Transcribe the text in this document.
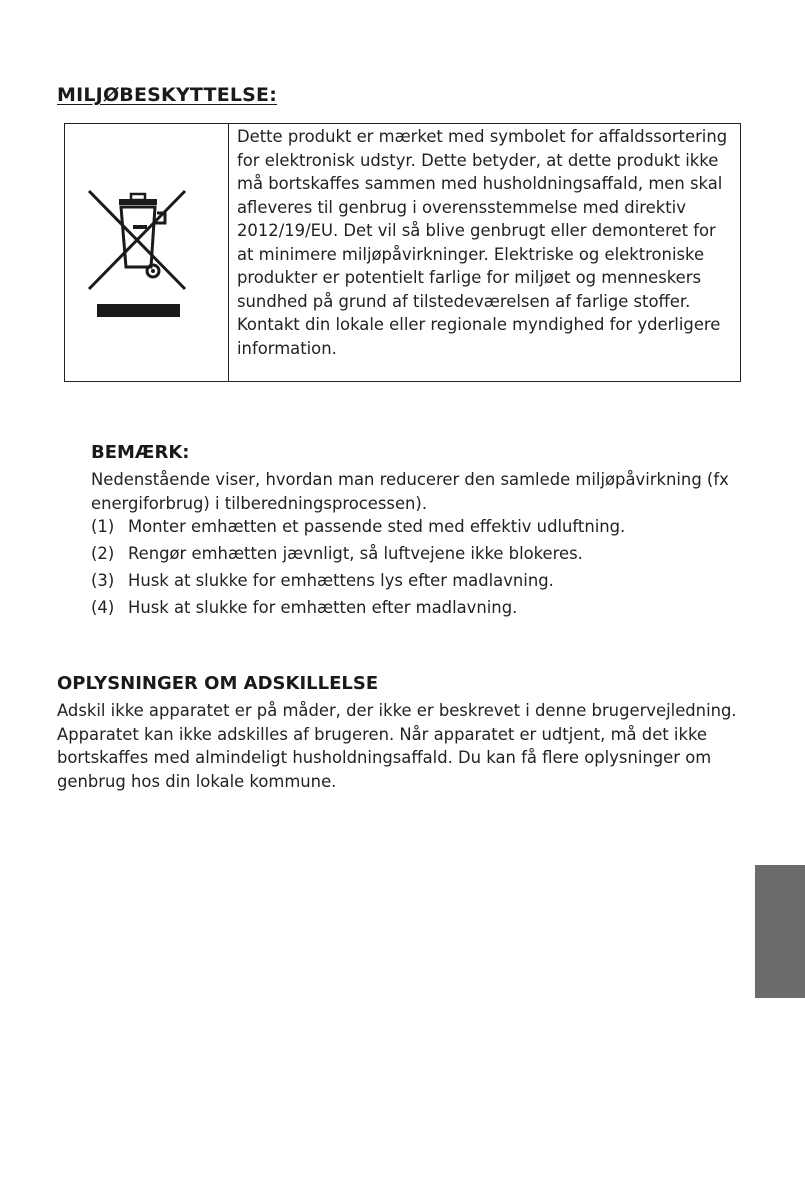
MILJØBESKYTTELSE:

Dette produkt er mærket med symbolet for affaldssortering for elektronisk udstyr. Dette betyder, at dette produkt ikke må bortskaffes sammen med husholdningsaffald, men skal afleveres til genbrug i overensstemmelse med direktiv 2012/19/EU. Det vil så blive genbrugt eller demonteret for at minimere miljøpåvirkninger. Elektriske og elektroniske produkter er potentielt farlige for miljøet og menneskers sundhed på grund af tilstedeværelsen af farlige stoffer. Kontakt din lokale eller regionale myndighed for yderligere information.

BEMÆRK:

Nedenstående viser, hvordan man reducerer den samlede miljøpåvirkning (fx energiforbrug) i tilberedningsprocessen).

(1) Monter emhætten et passende sted med effektiv udluftning.
(2) Rengør emhætten jævnligt, så luftvejene ikke blokeres.
(3) Husk at slukke for emhættens lys efter madlavning.
(4) Husk at slukke for emhætten efter madlavning.
OPLYSNINGER OM ADSKILLELSE

Adskil ikke apparatet er på måder, der ikke er beskrevet i denne brugervejledning. Apparatet kan ikke adskilles af brugeren. Når apparatet er udtjent, må det ikke bortskaffes med almindeligt husholdningsaffald. Du kan få flere oplysninger om genbrug hos din lokale kommune.
